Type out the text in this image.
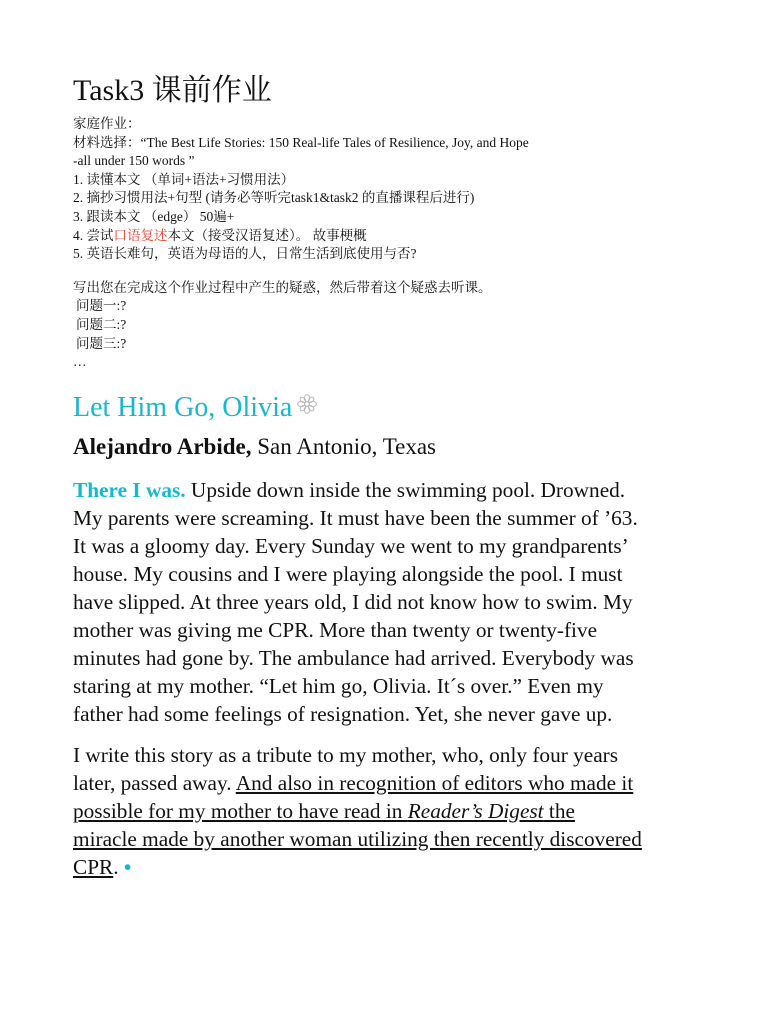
Task3 课前作业
家庭作业：
材料选择：“The Best Life Stories: 150 Real-life Tales of Resilience, Joy, and Hope
-all under 150 words ”
1. 读懂本文 （单词+语法+习惯用法）
2. 摘抄习惯用法+句型 (请务必等听完task1&task2 的直播课程后进行)
3. 跟读本文 （edge） 50遍+
4. 尝试口语复述本文（接受汉语复述）。 故事梗概
5. 英语长难句，英语为母语的人，日常生活到底使用与否?
写出您在完成这个作业过程中产生的疑惑，然后带着这个疑惑去听课。
问题一:?
问题二:?
问题三:?
…
Let Him Go, Olivia
Alejandro Arbide, San Antonio, Texas
There I was. Upside down inside the swimming pool. Drowned.
My parents were screaming. It must have been the summer of ’63.
It was a gloomy day. Every Sunday we went to my grandparents’
house. My cousins and I were playing alongside the pool. I must
have slipped. At three years old, I did not know how to swim. My
mother was giving me CPR. More than twenty or twenty-five
minutes had gone by. The ambulance had arrived. Everybody was
staring at my mother. “Let him go, Olivia. It´s over.” Even my
father had some feelings of resignation. Yet, she never gave up.
I write this story as a tribute to my mother, who, only four years
later, passed away. And also in recognition of editors who made it
possible for my mother to have read in Reader’s Digest the
miracle made by another woman utilizing then recently discovered
CPR. •
